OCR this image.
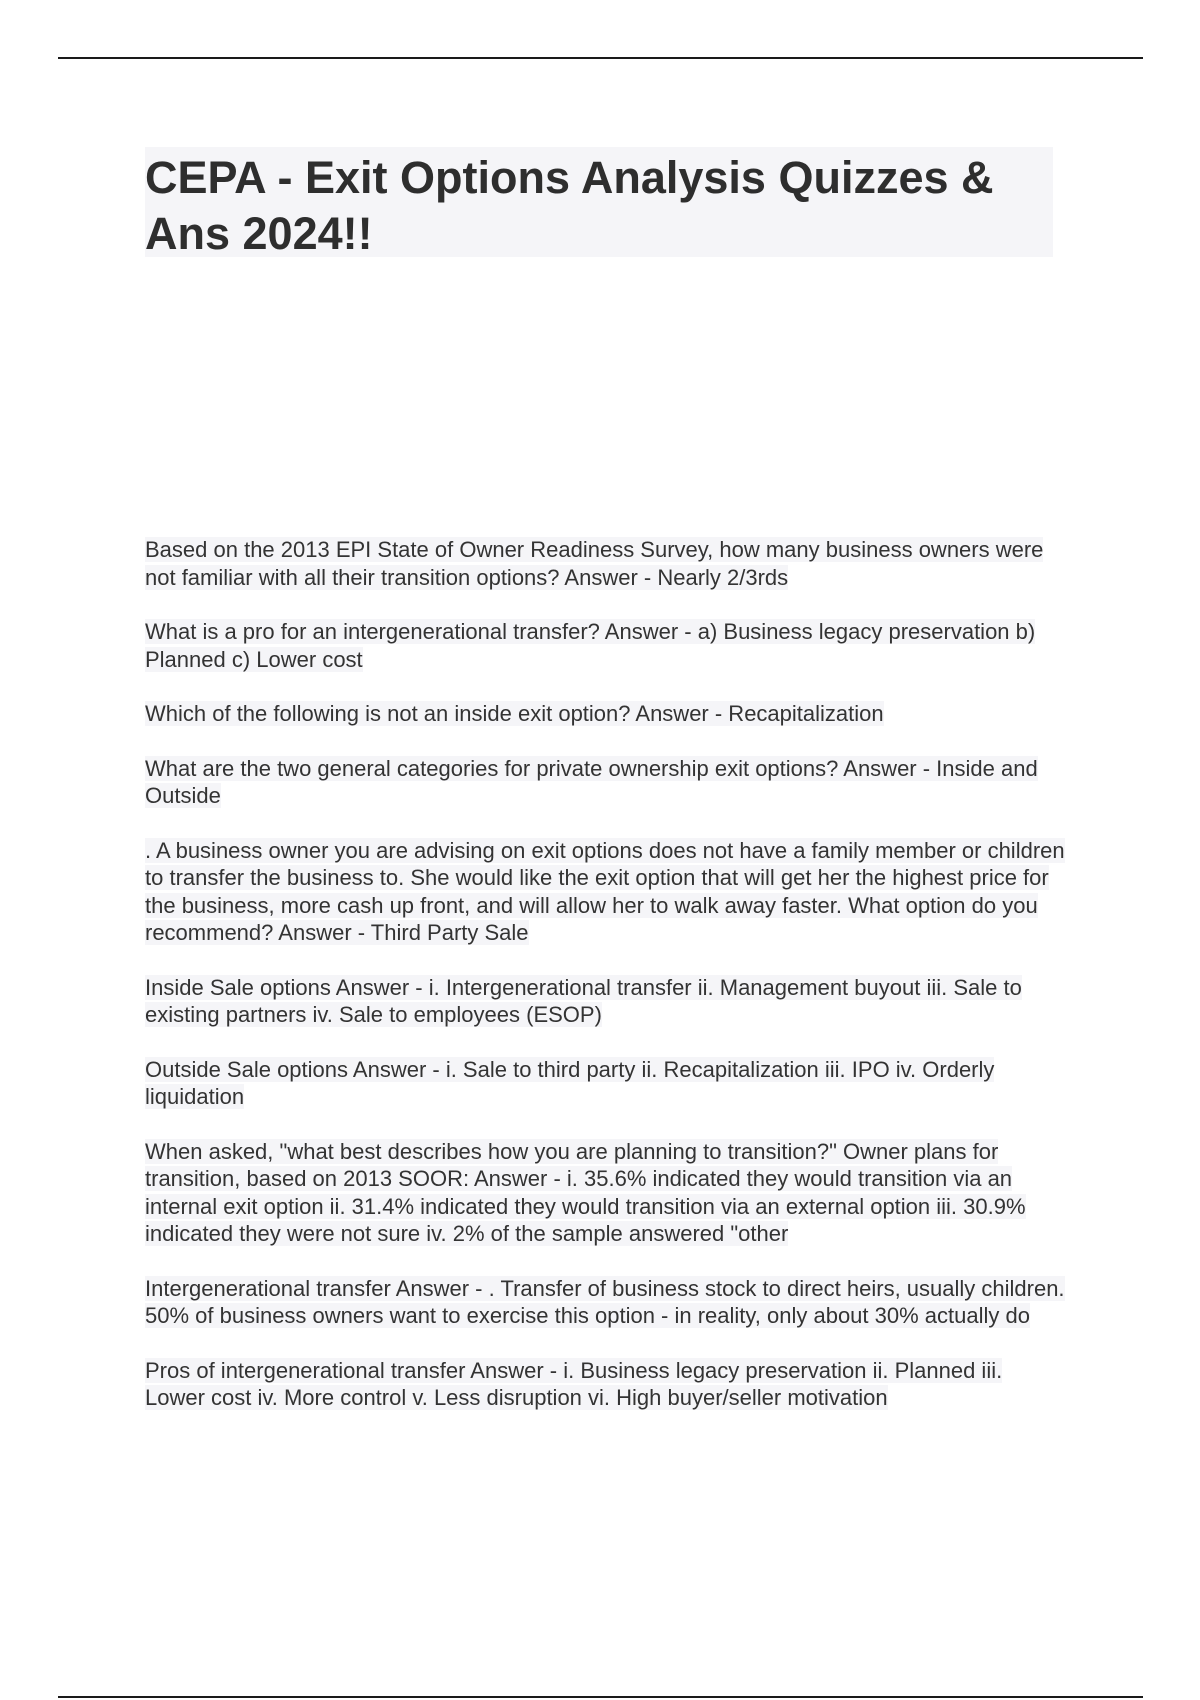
CEPA - Exit Options Analysis Quizzes & Ans 2024!!
Based on the 2013 EPI State of Owner Readiness Survey, how many business owners were not familiar with all their transition options? Answer - Nearly 2/3rds
What is a pro for an intergenerational transfer? Answer - a) Business legacy preservation b) Planned c) Lower cost
Which of the following is not an inside exit option? Answer - Recapitalization
What are the two general categories for private ownership exit options? Answer - Inside and Outside
. A business owner you are advising on exit options does not have a family member or children to transfer the business to. She would like the exit option that will get her the highest price for the business, more cash up front, and will allow her to walk away faster. What option do you recommend? Answer - Third Party Sale
Inside Sale options Answer - i. Intergenerational transfer ii. Management buyout iii. Sale to existing partners iv. Sale to employees (ESOP)
Outside Sale options Answer - i. Sale to third party ii. Recapitalization iii. IPO iv. Orderly liquidation
When asked, "what best describes how you are planning to transition?" Owner plans for transition, based on 2013 SOOR: Answer - i. 35.6% indicated they would transition via an internal exit option ii. 31.4% indicated they would transition via an external option iii. 30.9% indicated they were not sure iv. 2% of the sample answered "other
Intergenerational transfer Answer - . Transfer of business stock to direct heirs, usually children. 50% of business owners want to exercise this option - in reality, only about 30% actually do
Pros of intergenerational transfer Answer - i. Business legacy preservation ii. Planned iii. Lower cost iv. More control v. Less disruption vi. High buyer/seller motivation
